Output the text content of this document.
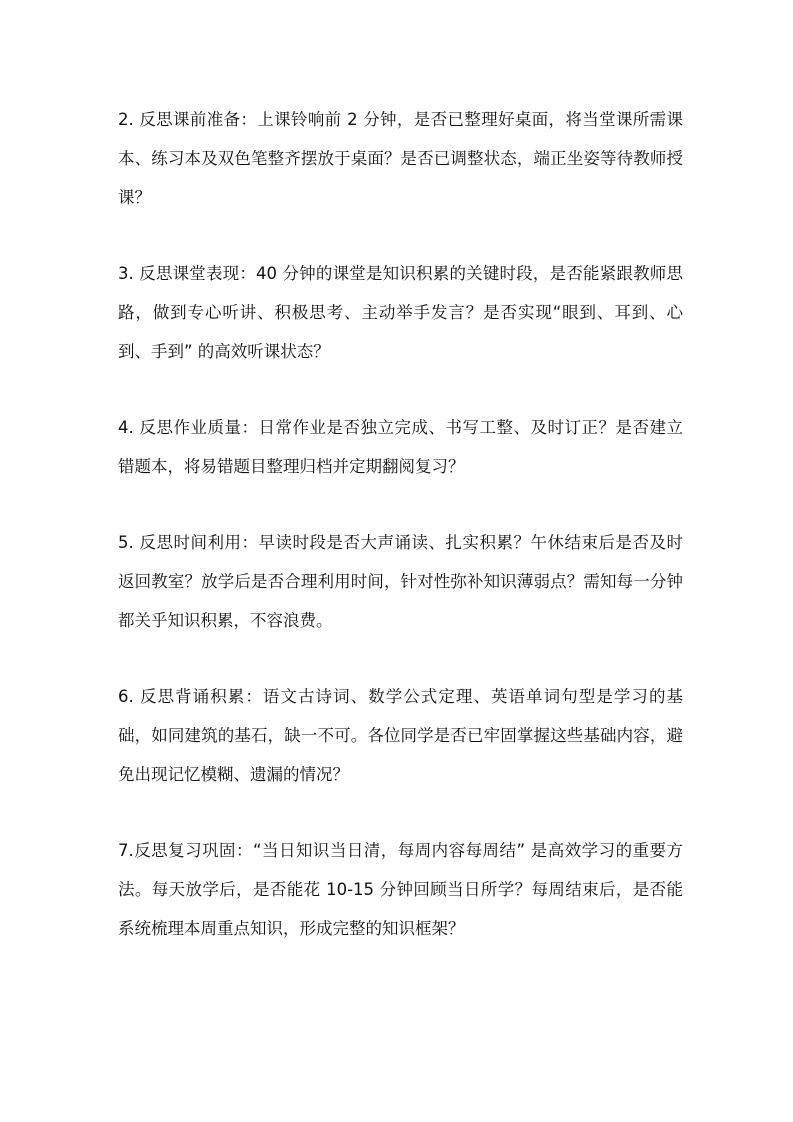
2. 反思课前准备：上课铃响前 2 分钟，是否已整理好桌面，将当堂课所需课本、练习本及双色笔整齐摆放于桌面？是否已调整状态，端正坐姿等待教师授课？

3. 反思课堂表现：40 分钟的课堂是知识积累的关键时段，是否能紧跟教师思路，做到专心听讲、积极思考、主动举手发言？是否实现“眼到、耳到、心到、手到” 的高效听课状态？

4. 反思作业质量：日常作业是否独立完成、书写工整、及时订正？是否建立错题本，将易错题目整理归档并定期翻阅复习？

5. 反思时间利用：早读时段是否大声诵读、扎实积累？午休结束后是否及时返回教室？放学后是否合理利用时间，针对性弥补知识薄弱点？需知每一分钟都关乎知识积累，不容浪费。

6. 反思背诵积累：语文古诗词、数学公式定理、英语单词句型是学习的基础，如同建筑的基石，缺一不可。各位同学是否已牢固掌握这些基础内容，避免出现记忆模糊、遗漏的情况？

7.反思复习巩固：“当日知识当日清，每周内容每周结” 是高效学习的重要方法。每天放学后，是否能花 10-15 分钟回顾当日所学？每周结束后，是否能系统梳理本周重点知识，形成完整的知识框架？
